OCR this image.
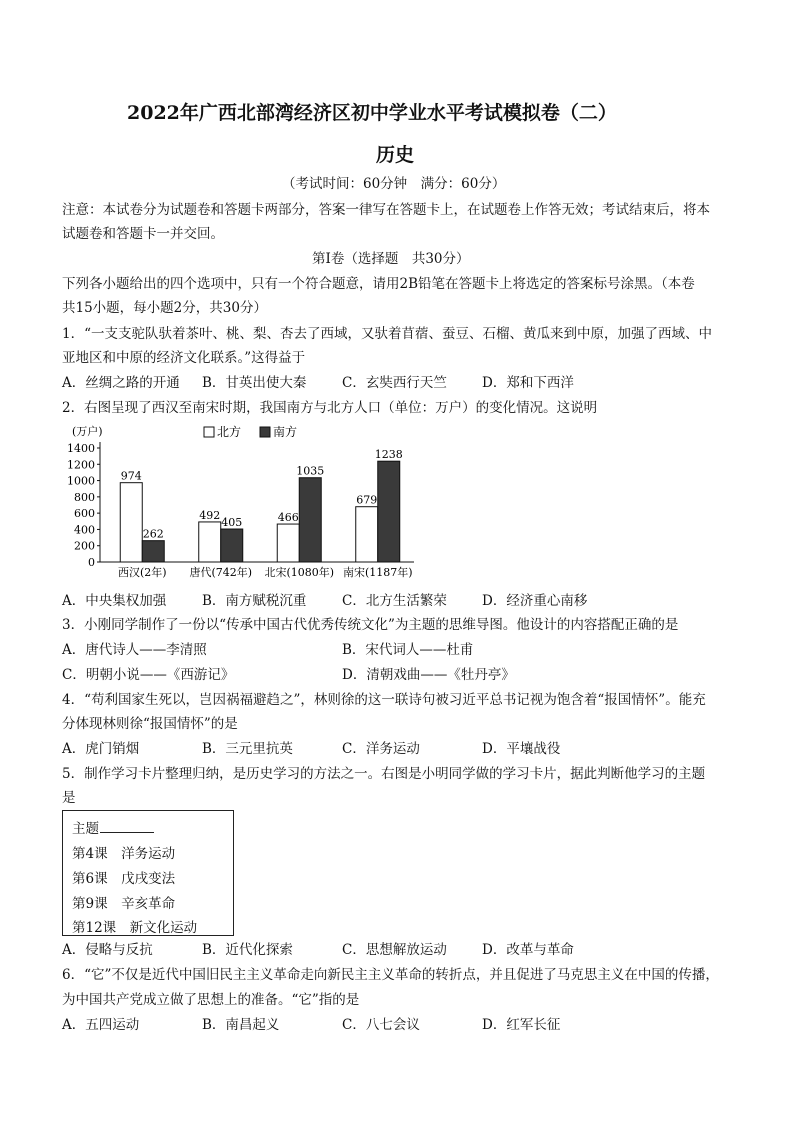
2022年广西北部湾经济区初中学业水平考试模拟卷（二）
历史
（考试时间：60分钟　满分：60分）
注意：本试卷分为试题卷和答题卡两部分，答案一律写在答题卡上，在试题卷上作答无效；考试结束后，将本
试题卷和答题卡一并交回。
第Ⅰ卷（选择题　共30分）
下列各小题给出的四个选项中，只有一个符合题意，请用2B铅笔在答题卡上将选定的答案标号涂黑。（本卷
共15小题，每小题2分，共30分）
1．“一支支驼队驮着茶叶、桃、梨、杏去了西域，又驮着苜蓿、蚕豆、石榴、黄瓜来到中原，加强了西域、中
亚地区和中原的经济文化联系。”这得益于
A．丝绸之路的开通 B．甘英出使大秦	C．玄奘西行天竺	D．郑和下西洋
2．右图呈现了西汉至南宋时期，我国南方与北方人口（单位：万户）的变化情况。这说明
0
200
400
600
800
1000
1200
1400
(万户)
974
262
西汉(2年)
492
405
唐代(742年)
466
1035
北宋(1080年)
679
1238
南宋(1187年)
北方	南方
A．中央集权加强	B．南方赋税沉重	C．北方生活繁荣	D．经济重心南移
3．小刚同学制作了一份以“传承中国古代优秀传统文化”为主题的思维导图。他设计的内容搭配正确的是
A．唐代诗人——李清照	B．宋代词人——杜甫
C．明朝小说——《西游记》	D．清朝戏曲——《牡丹亭》
4．“苟利国家生死以，岂因祸福避趋之”，林则徐的这一联诗句被习近平总书记视为饱含着“报国情怀”。能充
分体现林则徐“报国情怀”的是
A．虎门销烟	B．三元里抗英	C．洋务运动	D．平壤战役
5．制作学习卡片整理归纳，是历史学习的方法之一。右图是小明同学做的学习卡片，据此判断他学习的主题
是
主题
第4课　洋务运动
第6课　戊戌变法
第9课　辛亥革命
第12课　新文化运动
A．侵略与反抗	B．近代化探索	C．思想解放运动	D．改革与革命
6．“它”不仅是近代中国旧民主主义革命走向新民主主义革命的转折点，并且促进了马克思主义在中国的传播，
为中国共产党成立做了思想上的准备。“它”指的是
A．五四运动	B．南昌起义	C．八七会议	D．红军长征
